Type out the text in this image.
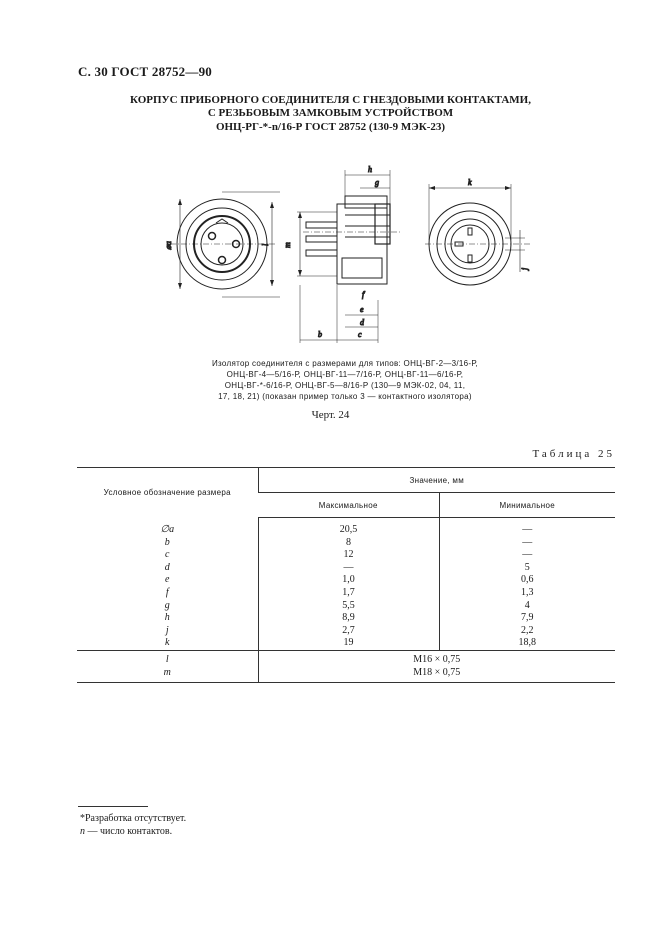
С. 30 ГОСТ 28752—90
КОРПУС ПРИБОРНОГО СОЕДИНИТЕЛЯ С ГНЕЗДОВЫМИ КОНТАКТАМИ,
С РЕЗЬБОВЫМ ЗАМКОВЫМ УСТРОЙСТВОМ
ОНЦ-РГ-*-n/16-Р ГОСТ 28752 (130-9 МЭК-23)
⌀a	l m
h
g
f
e
d
c
b
k
j
Изолятор соединителя с размерами для типов: ОНЦ-ВГ-2—3/16-Р,
ОНЦ-ВГ-4—5/16-Р, ОНЦ-ВГ-11—7/16-Р, ОНЦ-ВГ-11—6/16-Р,
ОНЦ-ВГ-*-6/16-Р, ОНЦ-ВГ-5—8/16-Р (130—9 МЭК-02, 04, 11,
17, 18, 21) (показан пример только 3 — контактного изолятора)
Черт. 24
Таблица 25
Условное обозначение размера	Значение, мм	
	Максимальное	Минимальное

∅a	20,5	—
b	8	—
c	12	—
d	—	5
e	1,0	0,6
f	1,7	1,3
g	5,5	4
h	8,9	7,9
j	2,7	2,2
k	19	18,8
l	M16 × 0,75	
m	M18 × 0,75	
*Разработка отсутствует.
n — число контактов.
